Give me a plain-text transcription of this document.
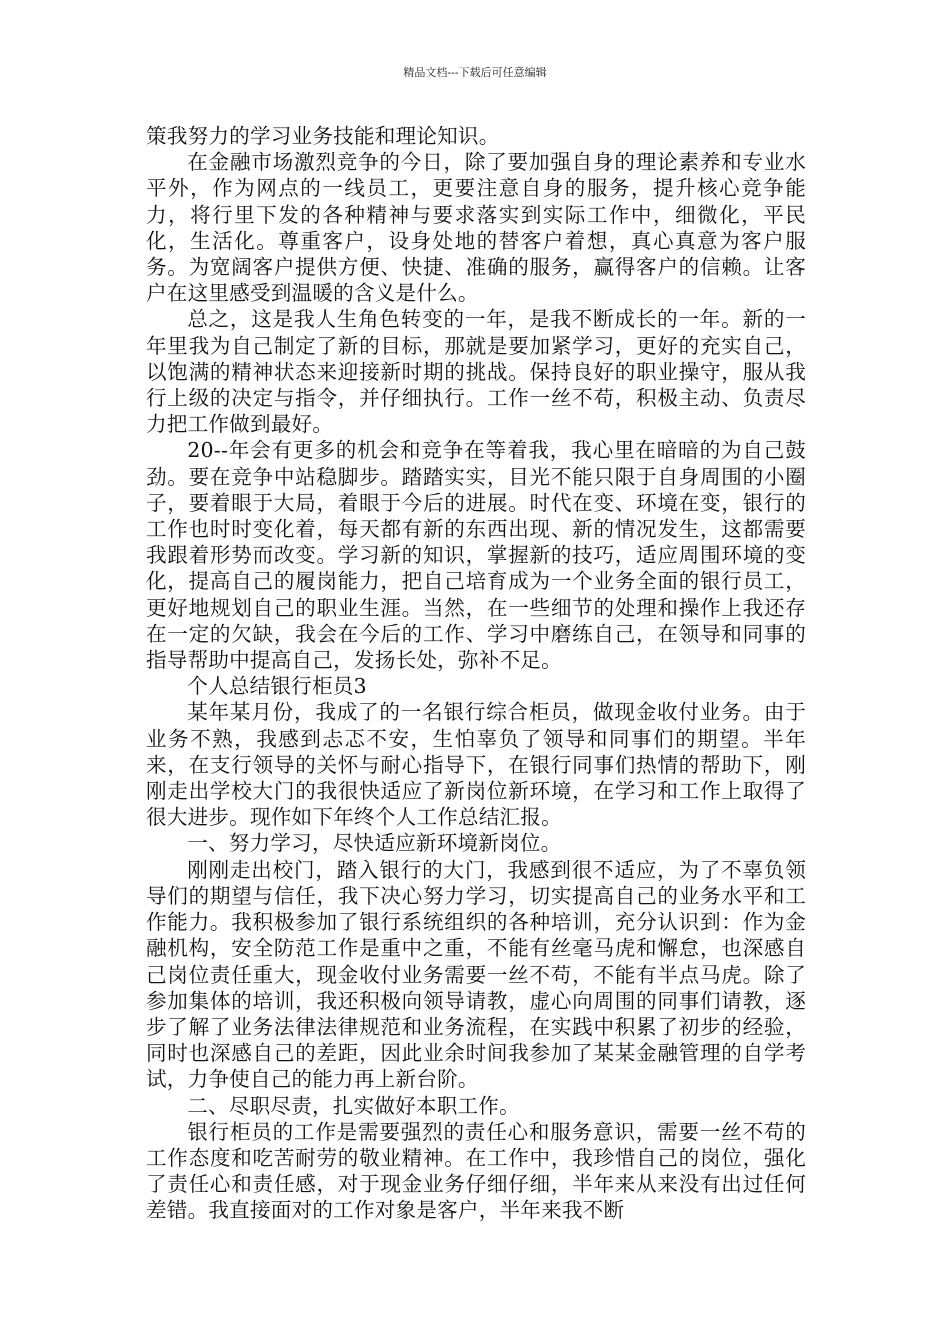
精品文档---下载后可任意编辑

策我努力的学习业务技能和理论知识。

在金融市场激烈竞争的今日，除了要加强自身的理论素养和专业水平外，作为网点的一线员工，更要注意自身的服务，提升核心竞争能力，将行里下发的各种精神与要求落实到实际工作中，细微化，平民化，生活化。尊重客户，设身处地的替客户着想，真心真意为客户服务。为宽阔客户提供方便、快捷、准确的服务，赢得客户的信赖。让客户在这里感受到温暖的含义是什么。

总之，这是我人生角色转变的一年，是我不断成长的一年。新的一年里我为自己制定了新的目标，那就是要加紧学习，更好的充实自己，以饱满的精神状态来迎接新时期的挑战。保持良好的职业操守，服从我行上级的决定与指令，并仔细执行。工作一丝不苟，积极主动、负责尽力把工作做到最好。

20--年会有更多的机会和竞争在等着我，我心里在暗暗的为自己鼓劲。要在竞争中站稳脚步。踏踏实实，目光不能只限于自身周围的小圈子，要着眼于大局，着眼于今后的进展。时代在变、环境在变，银行的工作也时时变化着，每天都有新的东西出现、新的情况发生，这都需要我跟着形势而改变。学习新的知识，掌握新的技巧，适应周围环境的变化，提高自己的履岗能力，把自己培育成为一个业务全面的银行员工，更好地规划自己的职业生涯。当然，在一些细节的处理和操作上我还存在一定的欠缺，我会在今后的工作、学习中磨练自己，在领导和同事的指导帮助中提高自己，发扬长处，弥补不足。

个人总结银行柜员3

某年某月份，我成了的一名银行综合柜员，做现金收付业务。由于业务不熟，我感到忐忑不安，生怕辜负了领导和同事们的期望。半年来，在支行领导的关怀与耐心指导下，在银行同事们热情的帮助下，刚刚走出学校大门的我很快适应了新岗位新环境，在学习和工作上取得了很大进步。现作如下年终个人工作总结汇报。

一、努力学习，尽快适应新环境新岗位。

刚刚走出校门，踏入银行的大门，我感到很不适应，为了不辜负领导们的期望与信任，我下决心努力学习，切实提高自己的业务水平和工作能力。我积极参加了银行系统组织的各种培训，充分认识到：作为金融机构，安全防范工作是重中之重，不能有丝毫马虎和懈怠，也深感自己岗位责任重大，现金收付业务需要一丝不苟，不能有半点马虎。除了参加集体的培训，我还积极向领导请教，虚心向周围的同事们请教，逐步了解了业务法律法律规范和业务流程，在实践中积累了初步的经验，同时也深感自己的差距，因此业余时间我参加了某某金融管理的自学考试，力争使自己的能力再上新台阶。

二、尽职尽责，扎实做好本职工作。

银行柜员的工作是需要强烈的责任心和服务意识，需要一丝不苟的工作态度和吃苦耐劳的敬业精神。在工作中，我珍惜自己的岗位，强化了责任心和责任感，对于现金业务仔细仔细，半年来从来没有出过任何差错。我直接面对的工作对象是客户，半年来我不断
